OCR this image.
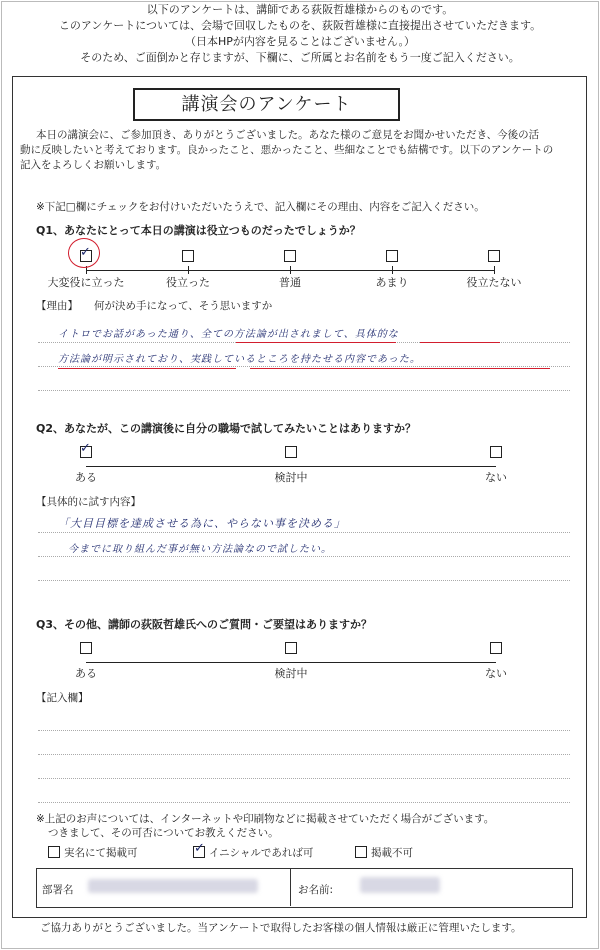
以下のアンケートは、講師である荻阪哲雄様からのものです。
このアンケートについては、会場で回収したものを、荻阪哲雄様に直接提出させていただきます。
（日本HPが内容を見ることはございません。）
そのため、ご面倒かと存じますが、下欄に、ご所属とお名前をもう一度ご記入ください。
講演会のアンケート
本日の講演会に、ご参加頂き、ありがとうございました。あなた様のご意見をお聞かせいただき、今後の活
動に反映したいと考えております。良かったこと、悪かったこと、些細なことでも結構です。以下のアンケートの
記入をよろしくお願いします。
※下記□欄にチェックをお付けいただいたうえで、記入欄にその理由、内容をご記入ください。
Q1、あなたにとって本日の講演は役立つものだったでしょうか？
✓
大変役に立った	役立った	普通	あまり	役立たない
【理由】 何が決め手になって、そう思いますか
イトロでお話があった通り、全ての方法論が出されまして、具体的な
方法論が明示されており、実践しているところを持たせる内容であった。
Q2、あなたが、この講演後に自分の職場で試してみたいことはありますか？
✓
ある	検討中	ない
【具体的に試す内容】
「大目目標を達成させる為に、やらない事を決める」
今までに取り組んだ事が無い方法論なので試したい。
Q3、その他、講師の荻阪哲雄氏へのご質問・ご要望はありますか？
ある	検討中	ない
【記入欄】
※上記のお声については、インターネットや印刷物などに掲載させていただく場合がございます。
つきまして、その可否についてお教えください。
実名にて掲載可	✓ イニシャルであれば可	掲載不可
部署名	お名前:
ご協力ありがとうございました。当アンケートで取得したお客様の個人情報は厳正に管理いたします。
